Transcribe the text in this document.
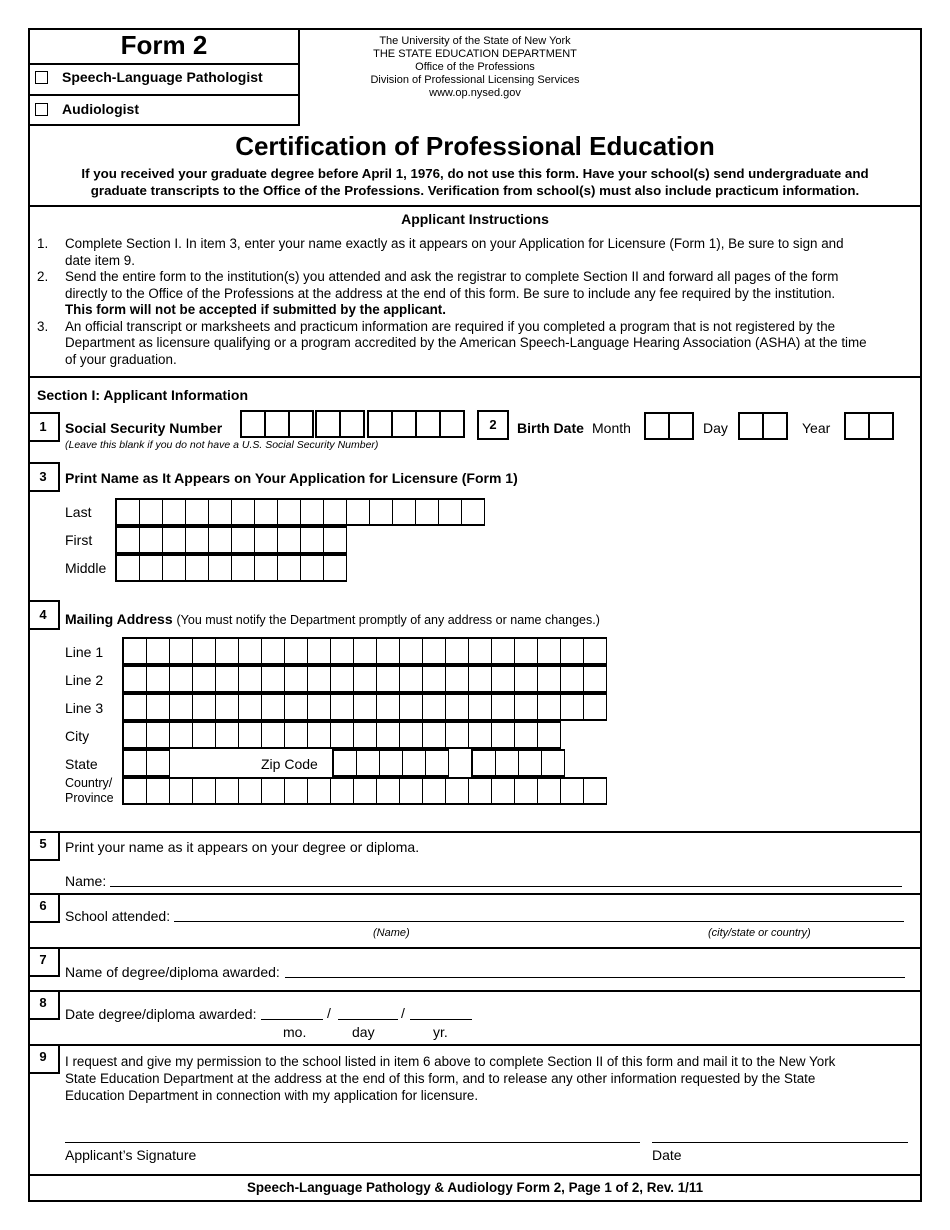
Form 2
Speech-Language Pathologist
Audiologist
The University of the State of New York
THE STATE EDUCATION DEPARTMENT
Office of the Professions
Division of Professional Licensing Services
www.op.nysed.gov
Certification of Professional Education
If you received your graduate degree before April 1, 1976, do not use this form. Have your school(s) send undergraduate and
graduate transcripts to the Office of the Professions. Verification from school(s) must also include practicum information.
Applicant Instructions
1.	Complete Section I. In item 3, enter your name exactly as it appears on your Application for Licensure (Form 1), Be sure to sign and
date item 9.
2.	Send the entire form to the institution(s) you attended and ask the registrar to complete Section II and forward all pages of the form
directly to the Office of the Professions at the address at the end of this form. Be sure to include any fee required by the institution.
This form will not be accepted if submitted by the applicant.
3.	An official transcript or marksheets and practicum information are required if you completed a program that is not registered by the
Department as licensure qualifying or a program accredited by the American Speech-Language Hearing Association (ASHA) at the time
of your graduation.
Section I: Applicant Information
1	Social Security Number
(Leave this blank if you do not have a U.S. Social Security Number)
2	Birth Date Month	Day	Year
3	Print Name as It Appears on Your Application for Licensure (Form 1)
Last
First
Middle
4	Mailing Address (You must notify the Department promptly of any address or name changes.)
Line 1
Line 2
Line 3
City
State	Zip Code
Country/
Province
5	Print your name as it appears on your degree or diploma.
Name:
6
School attended:
(Name)	(city/state or country)
7
Name of degree/diploma awarded:
8
Date degree/diploma awarded:	/	/
mo.	day	yr.
9	I request and give my permission to the school listed in item 6 above to complete Section II of this form and mail it to the New York
State Education Department at the address at the end of this form, and to release any other information requested by the State
Education Department in connection with my application for licensure.
Applicant’s Signature	Date
Speech-Language Pathology & Audiology Form 2, Page 1 of 2, Rev. 1/11
